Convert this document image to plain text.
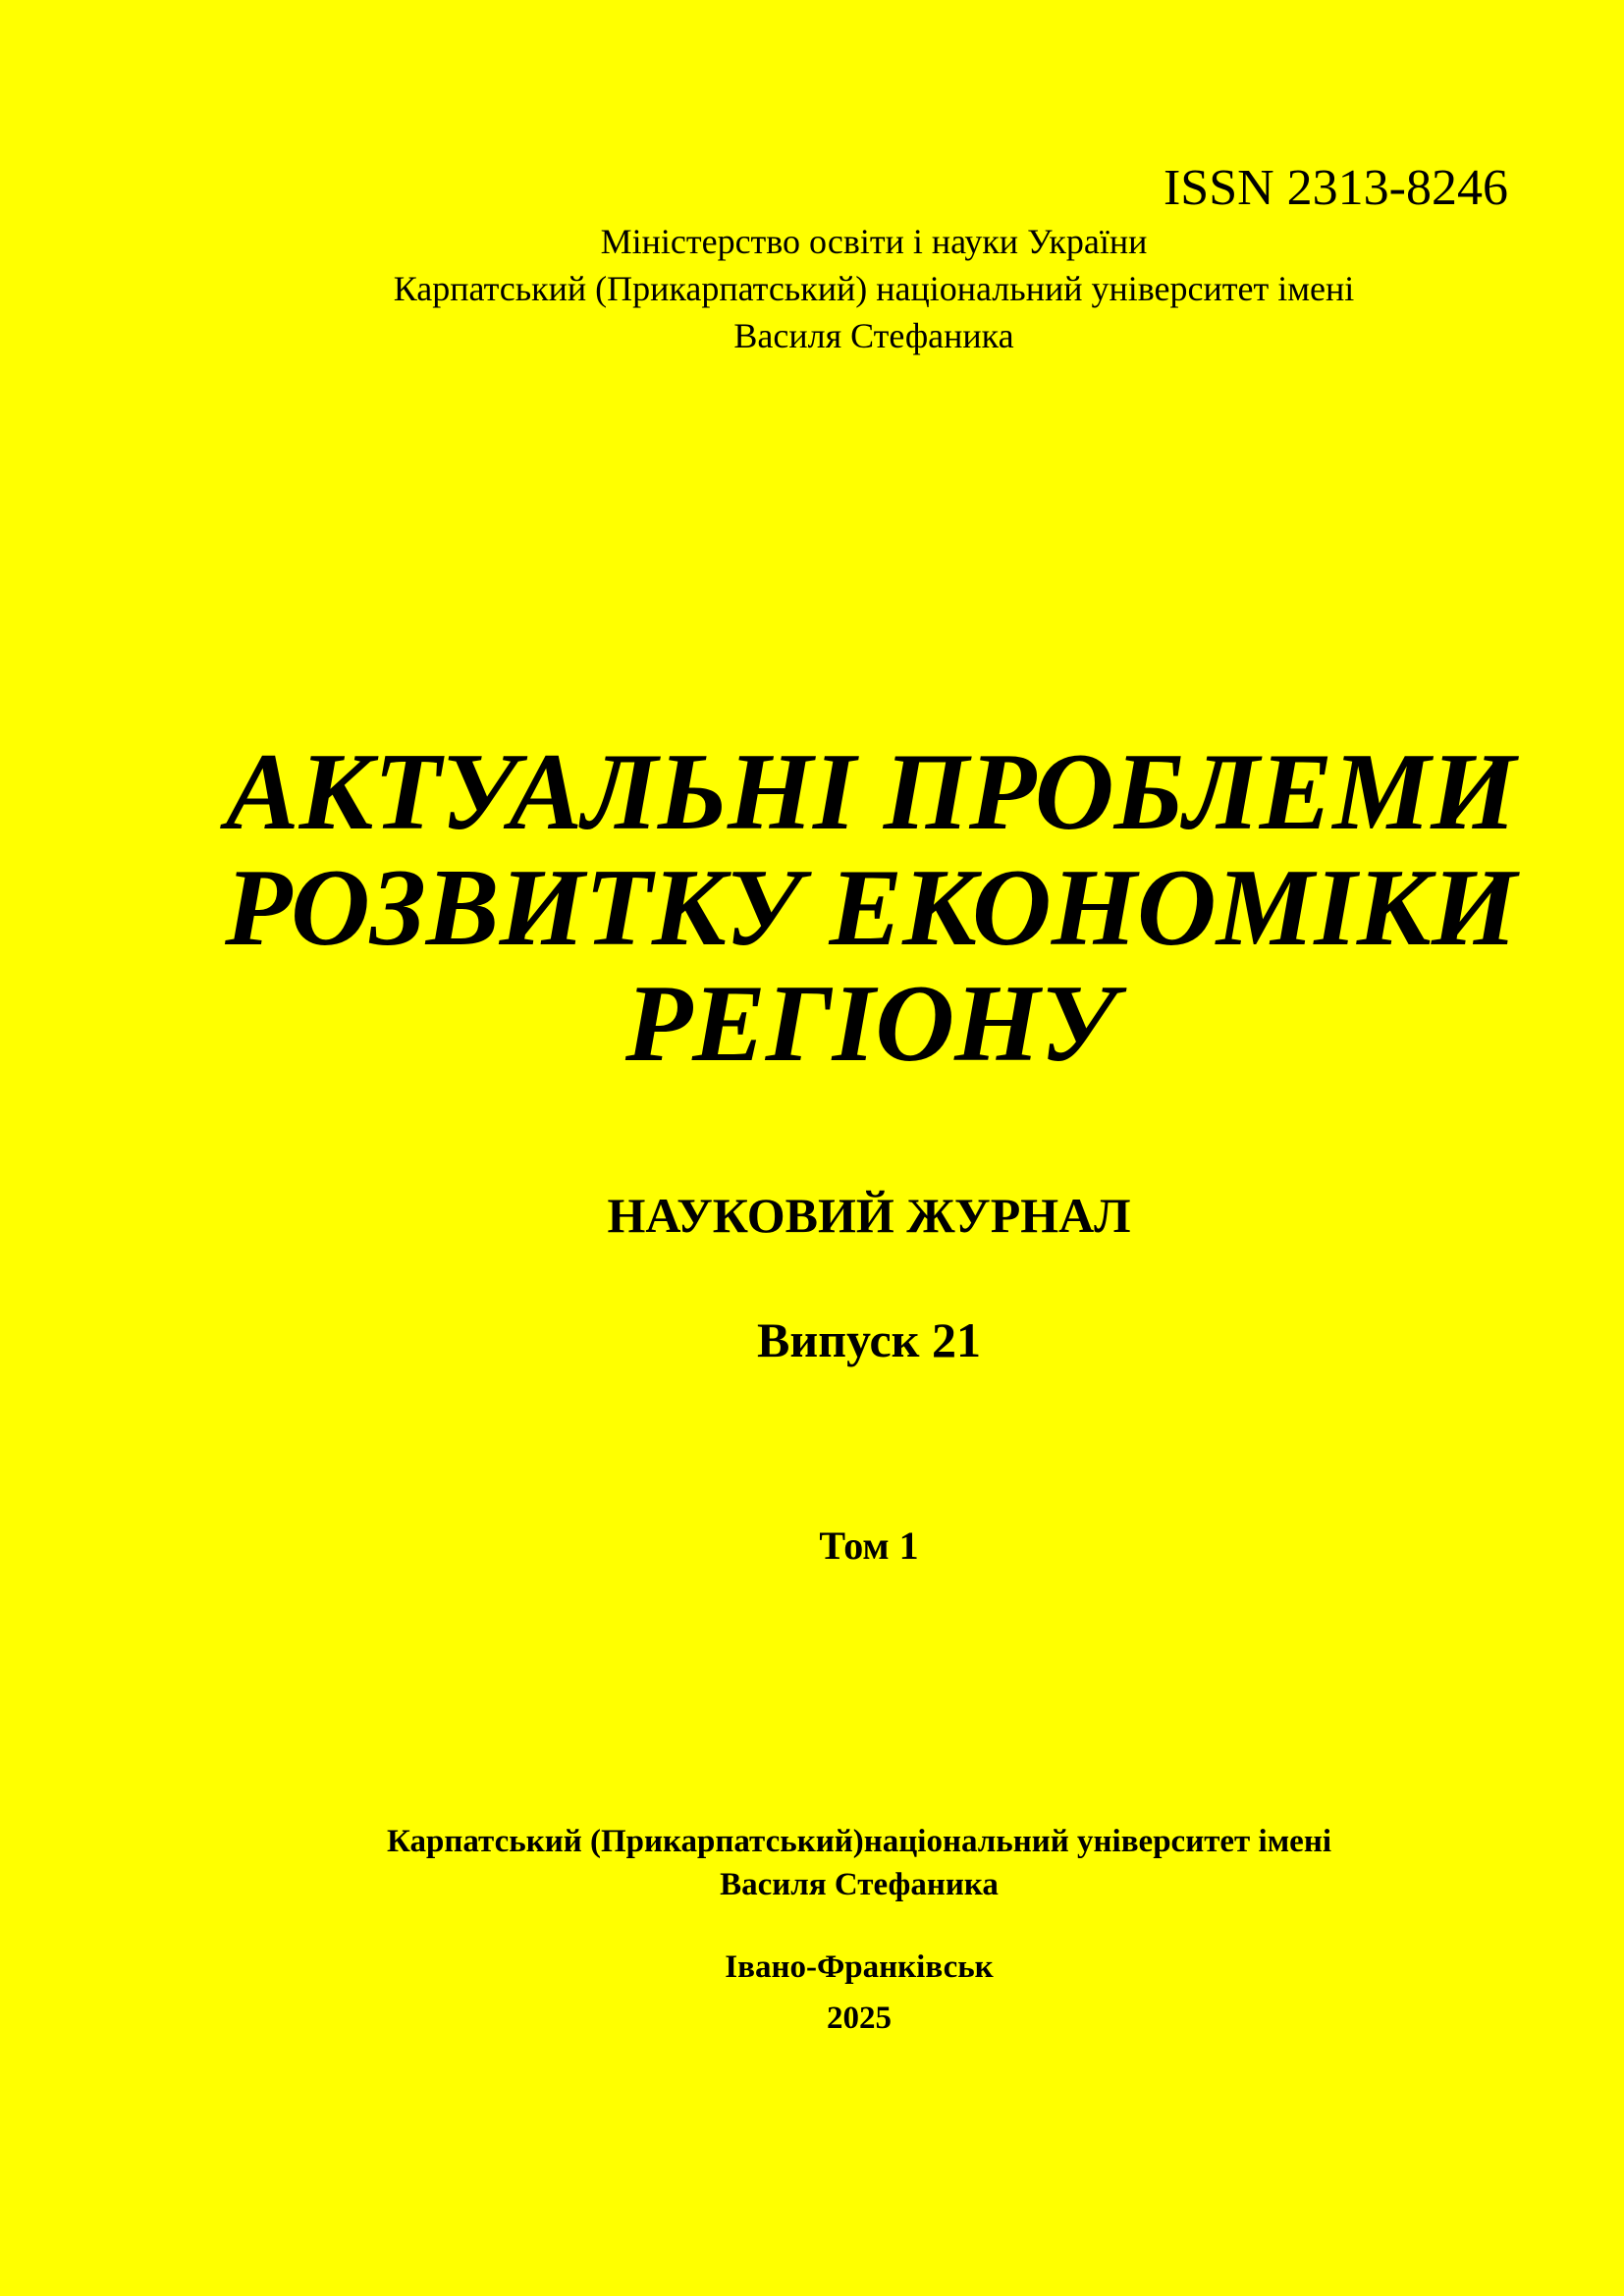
ISSN 2313-8246
Міністерство освіти і науки України
Карпатський (Прикарпатський) національний університет імені
Василя Стефаника
АКТУАЛЬНІ ПРОБЛЕМИ
РОЗВИТКУ ЕКОНОМІКИ
РЕГІОНУ
НАУКОВИЙ ЖУРНАЛ
Випуск 21
Том 1
Карпатський (Прикарпатський)національний університет імені
Василя Стефаника
Івано-Франківськ
2025
